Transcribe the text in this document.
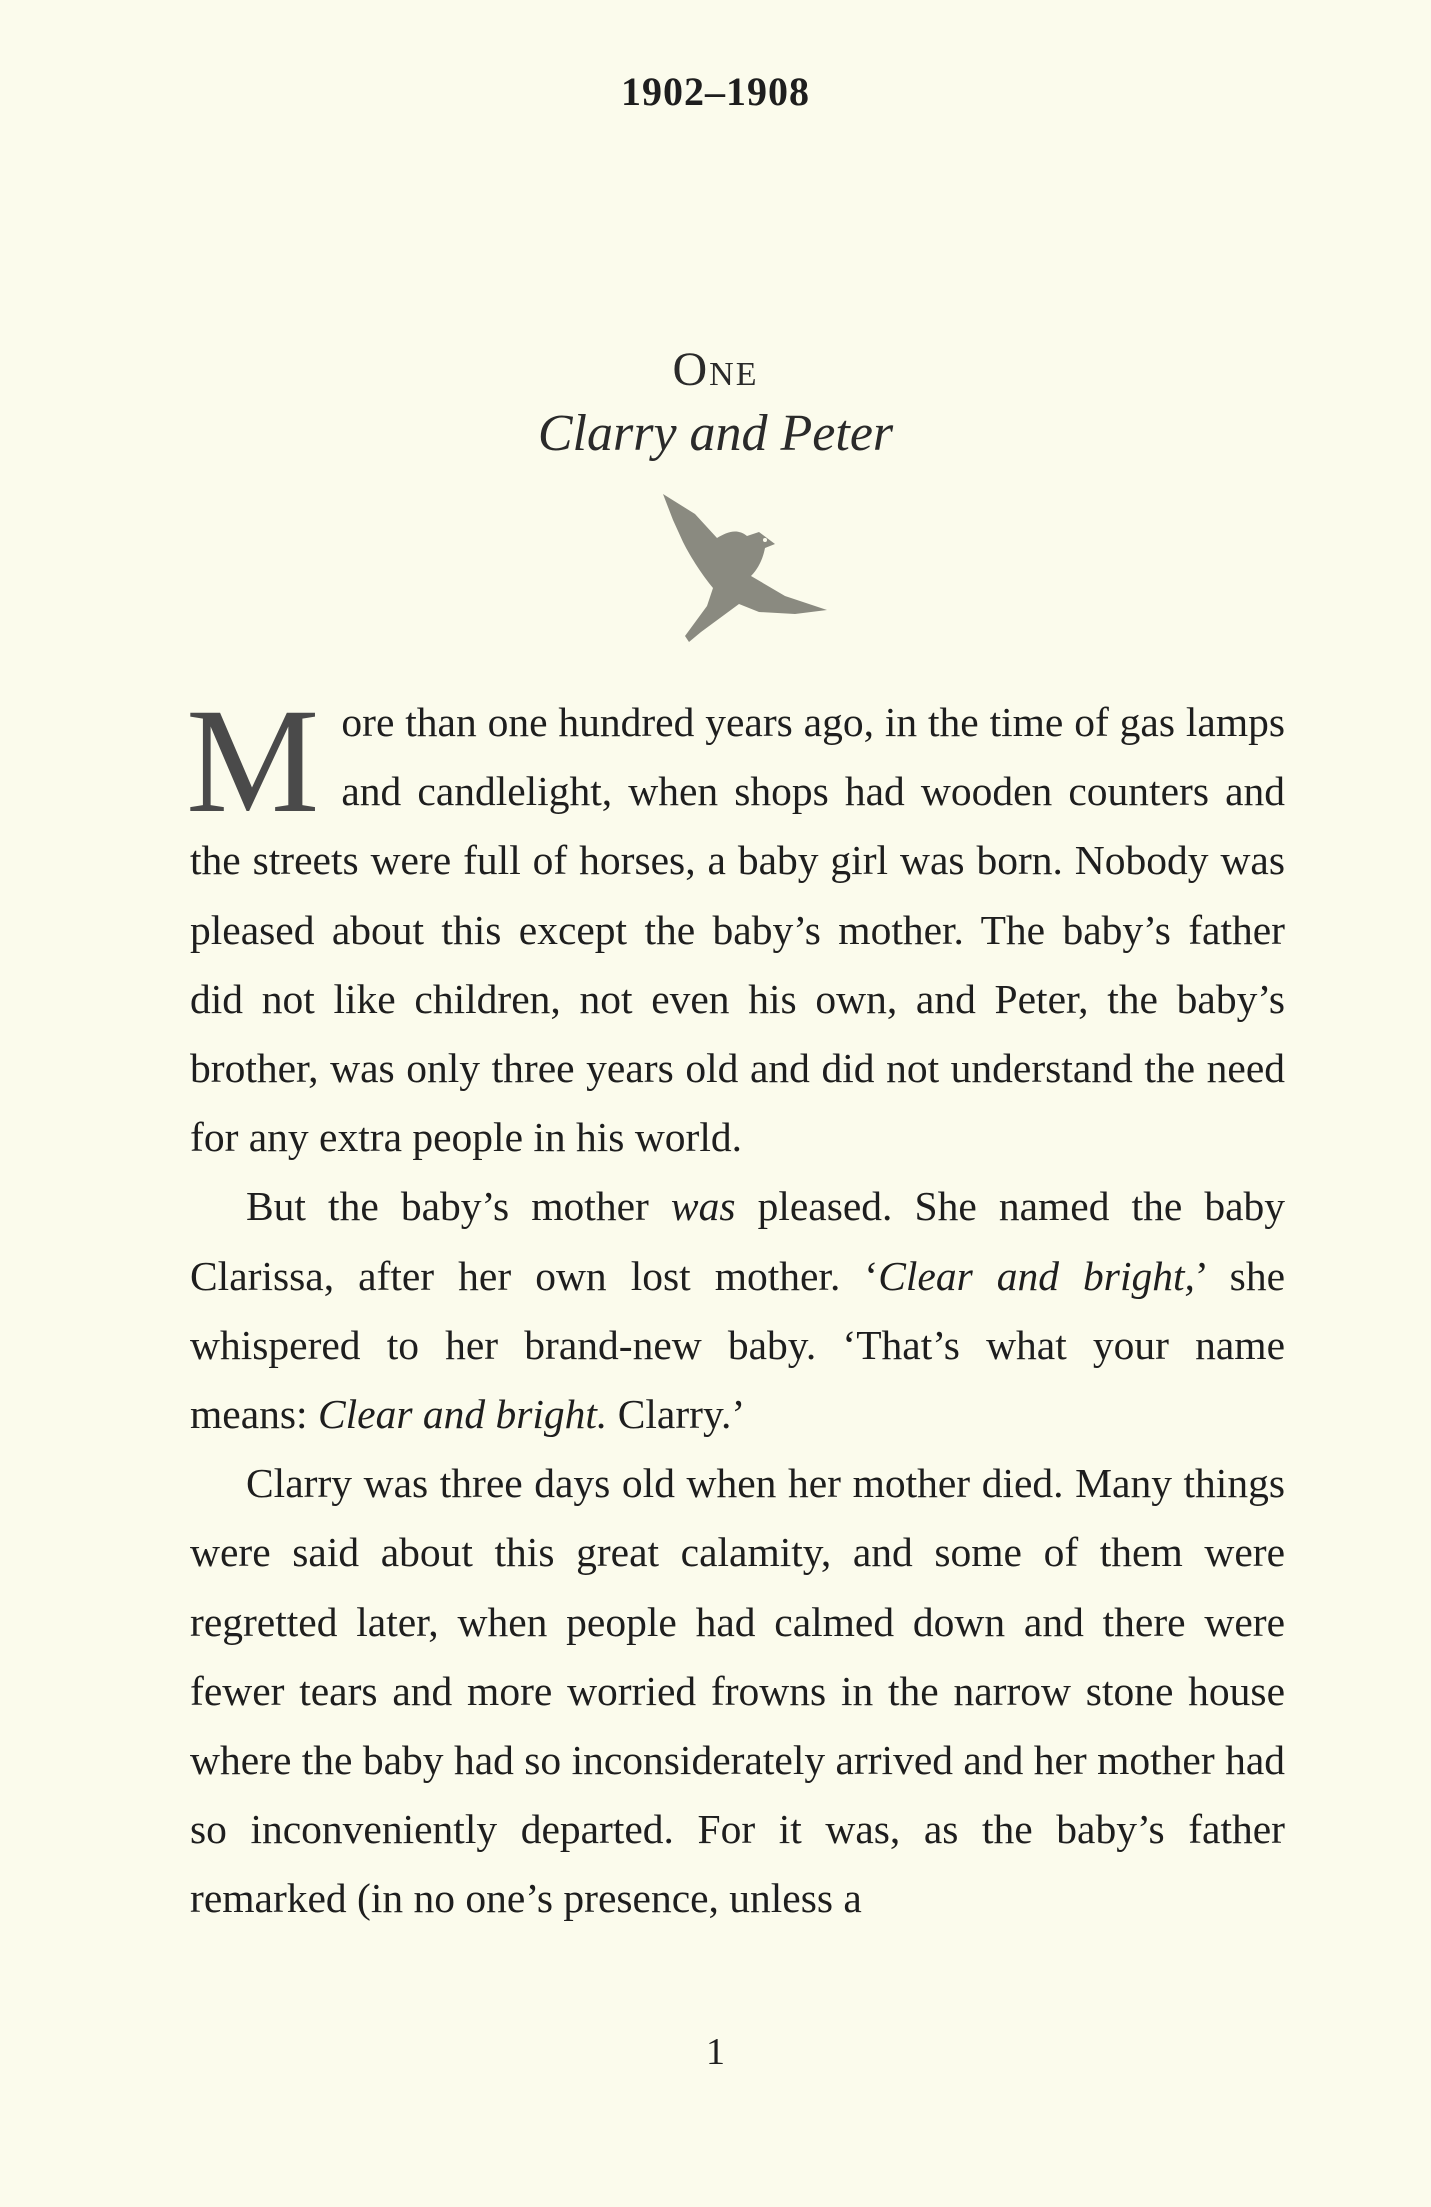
1902–1908
One
Clarry and Peter

More than one hundred years ago, in the time of gas lamps and candlelight, when shops had wooden counters and the streets were full of horses, a baby girl was born. Nobody was pleased about this except the baby’s mother. The baby’s father did not like children, not even his own, and Peter, the baby’s brother, was only three years old and did not understand the need for any extra people in his world.

But the baby’s mother was pleased. She named the baby Clarissa, after her own lost mother. ‘Clear and bright,’ she whispered to her brand-new baby. ‘That’s what your name means: Clear and bright. Clarry.’

Clarry was three days old when her mother died. Many things were said about this great calamity, and some of them were regretted later, when people had calmed down and there were fewer tears and more worried frowns in the narrow stone house where the baby had so inconsiderately arrived and her mother had so inconveniently departed. For it was, as the baby’s father remarked (in no one’s presence, unless a

1
